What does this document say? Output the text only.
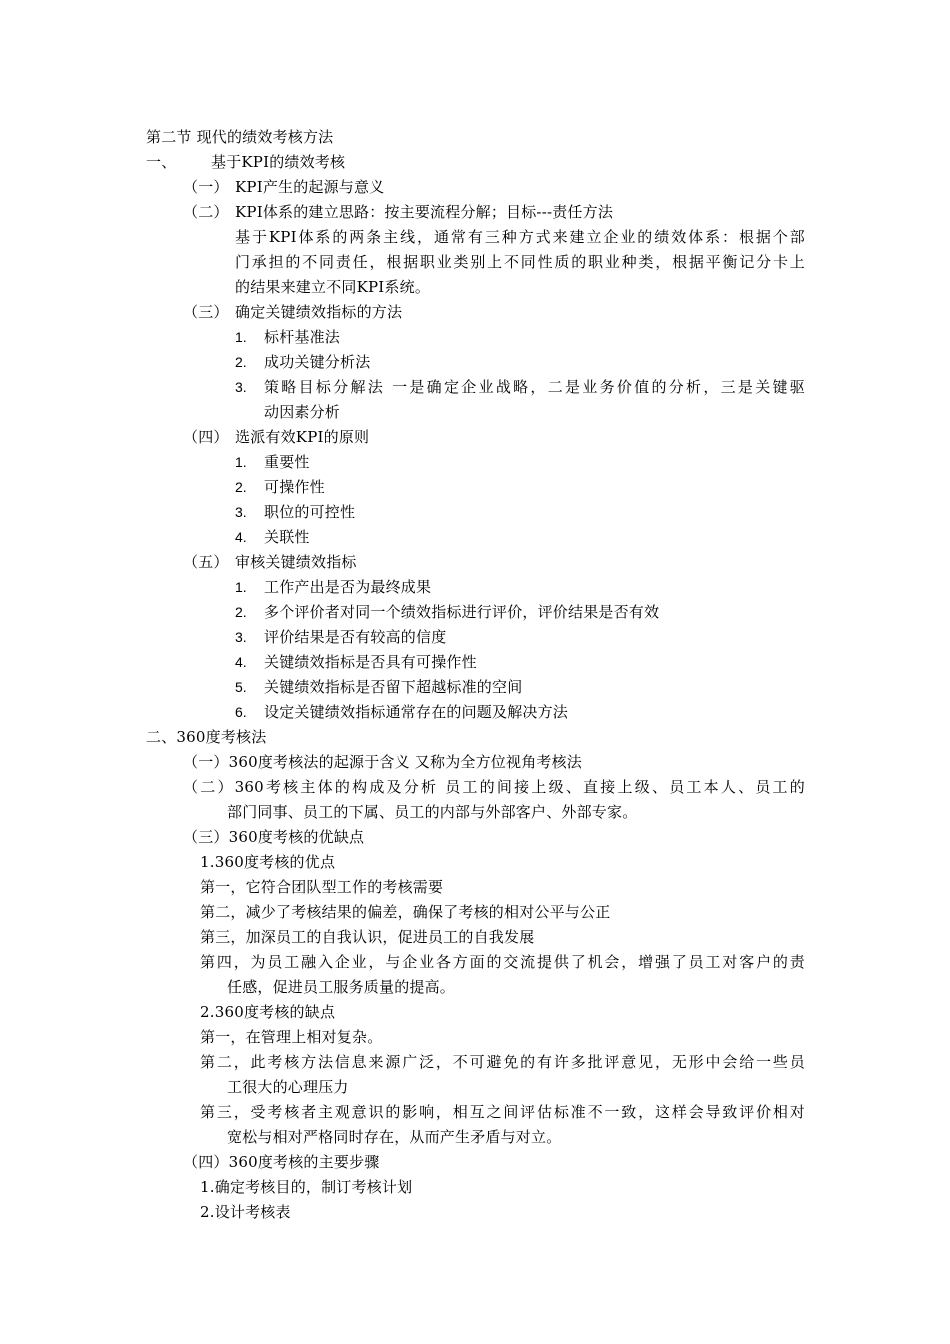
第二节 现代的绩效考核方法
一、 基于KPI的绩效考核
（一） KPI产生的起源与意义
（二） KPI体系的建立思路：按主要流程分解；目标---责任方法
基于KPI体系的两条主线，通常有三种方式来建立企业的绩效体系：根据个部
门承担的不同责任，根据职业类别上不同性质的职业种类，根据平衡记分卡上
的结果来建立不同KPI系统。
（三） 确定关键绩效指标的方法
1. 标杆基准法
2. 成功关键分析法
3. 策略目标分解法 一是确定企业战略，二是业务价值的分析，三是关键驱
动因素分析
（四） 选派有效KPI的原则
1. 重要性
2. 可操作性
3. 职位的可控性
4. 关联性
（五） 审核关键绩效指标
1. 工作产出是否为最终成果
2. 多个评价者对同一个绩效指标进行评价，评价结果是否有效
3. 评价结果是否有较高的信度
4. 关键绩效指标是否具有可操作性
5. 关键绩效指标是否留下超越标准的空间
6. 设定关键绩效指标通常存在的问题及解决方法
二、360度考核法
（一）360度考核法的起源于含义 又称为全方位视角考核法
（二）360考核主体的构成及分析 员工的间接上级、直接上级、员工本人、员工的
部门同事、员工的下属、员工的内部与外部客户、外部专家。
（三）360度考核的优缺点
1.360度考核的优点
第一，它符合团队型工作的考核需要
第二，减少了考核结果的偏差，确保了考核的相对公平与公正
第三，加深员工的自我认识，促进员工的自我发展
第四，为员工融入企业，与企业各方面的交流提供了机会，增强了员工对客户的责
任感，促进员工服务质量的提高。
2.360度考核的缺点
第一，在管理上相对复杂。
第二，此考核方法信息来源广泛，不可避免的有许多批评意见，无形中会给一些员
工很大的心理压力
第三，受考核者主观意识的影响，相互之间评估标准不一致，这样会导致评价相对
宽松与相对严格同时存在，从而产生矛盾与对立。
（四）360度考核的主要步骤
1.确定考核目的，制订考核计划
2.设计考核表
